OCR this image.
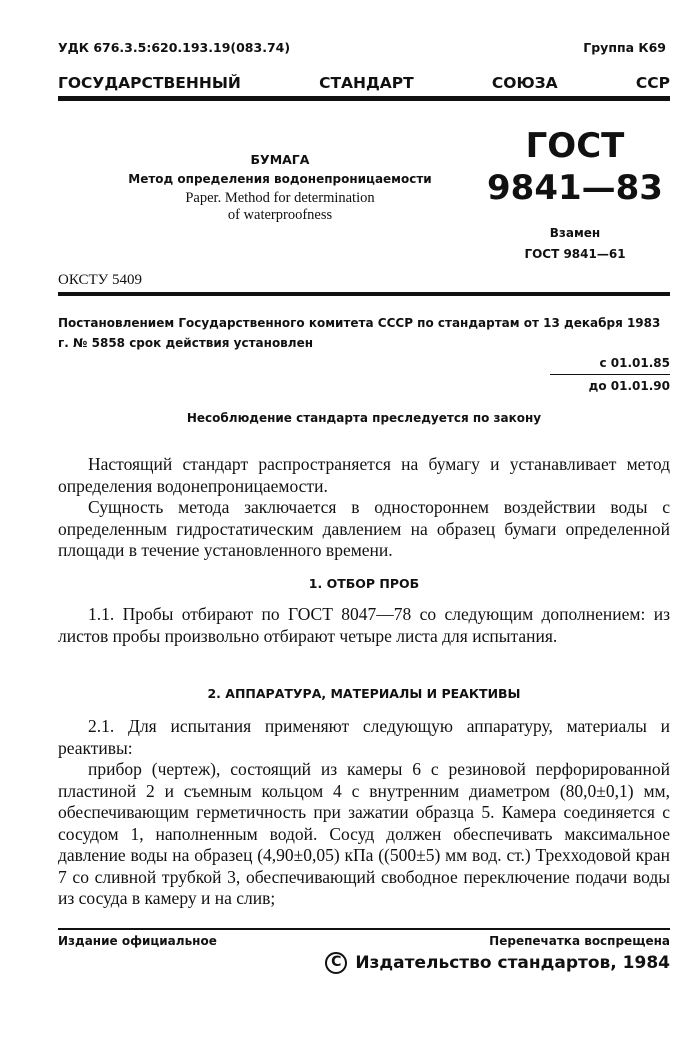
УДК 676.3.5:620.193.19(083.74)	Группа К69
ГОСУДАРСТВЕННЫЙ	СТАНДАРТ	СОЮЗА	ССР
БУМАГА
Метод определения водонепроницаемости
Paper. Method for determination
of waterproofness
ГОСТ
9841—83
Взамен
ГОСТ 9841—61
ОКСТУ 5409
Постановлением Государственного комитета СССР по стандартам от 13 декабря 1983 г. № 5858 срок действия установлен
с 01.01.85
до 01.01.90
Несоблюдение стандарта преследуется по закону

Настоящий стандарт распространяется на бумагу и устанавливает метод определения водонепроницаемости.

Сущность метода заключается в одностороннем воздействии воды с определенным гидростатическим давлением на образец бумаги определенной площади в течение установленного времени.

1. ОТБОР ПРОБ

1.1. Пробы отбирают по ГОСТ 8047—78 со следующим дополнением: из листов пробы произвольно отбирают четыре листа для испытания.

2. АППАРАТУРА, МАТЕРИАЛЫ И РЕАКТИВЫ

2.1. Для испытания применяют следующую аппаратуру, материалы и реактивы:

прибор (чертеж), состоящий из камеры 6 с резиновой перфорированной пластиной 2 и съемным кольцом 4 с внутренним диаметром (80,0±0,1) мм, обеспечивающим герметичность при зажатии образца 5. Камера соединяется с сосудом 1, наполненным водой. Сосуд должен обеспечивать максимальное давление воды на образец (4,90±0,05) кПа ((500±5) мм вод. ст.) Трехходовой кран 7 со сливной трубкой 3, обеспечивающий свободное переключение подачи воды из сосуда в камеру и на слив;

Издание официальное	Перепечатка воспрещена
C Издательство стандартов, 1984
